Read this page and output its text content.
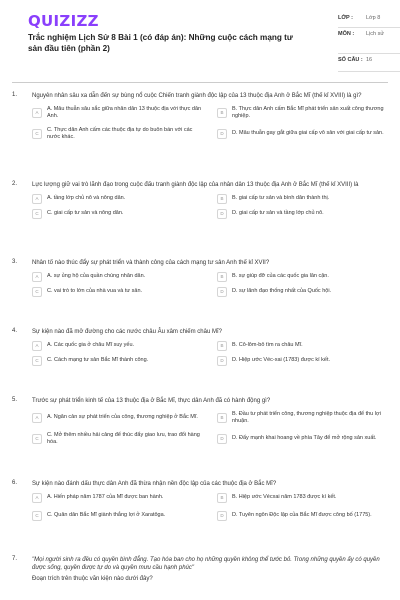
QUIZIZZ
Trắc nghiệm Lịch Sử 8 Bài 1 (có đáp án): Những cuộc cách mạng tư sản đầu tiên (phần 2)
LỚP :	Lớp 8
MÔN :	Lịch sử
SỐ CÂU : 16
1. Nguyên nhân sâu xa dẫn đến sự bùng nổ cuộc Chiến tranh giành độc lập của 13 thuộc địa Anh ở Bắc Mĩ (thế kỉ XVIII) là gì?
A
A. Mâu thuẫn sâu sắc giữa nhân dân 13 thuộc địa với thực dân Anh.
B
B. Thực dân Anh cấm Bắc Mĩ phát triển sản xuất công thương nghiệp.
C
C. Thực dân Anh cấm các thuộc địa tự do buôn bán với các nước khác.
D	D. Mâu thuẫn gay gắt giữa giai cấp vô sản với giai cấp tư sản.
2. Lực lượng giữ vai trò lãnh đạo trong cuộc đấu tranh giành độc lập của nhân dân 13 thuộc địa Anh ở Bắc Mĩ (thế kỉ XVIII) là
A	A. tầng lớp chủ nô và nông dân.	B	B. giai cấp tư sản và bình dân thành thị.
C	C. giai cấp tư sản và nông dân.	D	D. giai cấp tư sản và tầng lớp chủ nô.
3. Nhân tố nào thúc đẩy sự phát triển và thành công của cách mạng tư sản Anh thế kỉ XVII?
A	A. sự ủng hộ của quần chúng nhân dân.	B	B. sự giúp đỡ của các quốc gia lân cận.
C	C. vai trò to lớn của nhà vua và tư sản.	D	D. sự lãnh đạo thống nhất của Quốc hội.
4. Sự kiện nào đã mở đường cho các nước châu Âu xâm chiếm châu Mĩ?
A	A. Các quốc gia ở châu Mĩ suy yếu.	B	B. Cô-lôm-bô tìm ra châu Mĩ.
C	C. Cách mạng tư sản Bắc Mĩ thành công.	D	D. Hiệp ước Véc-xai (1783) được kí kết.
5. Trước sự phát triển kinh tế của 13 thuộc địa ở Bắc Mĩ, thực dân Anh đã có hành động gì?
A	A. Ngăn cản sự phát triển của công, thương nghiệp ở Bắc Mĩ.	B
B. Đầu tư phát triển công, thương nghiệp thuộc địa để thu lợi nhuận.
C
C. Mở thêm nhiều hải cảng để thúc đẩy giao lưu, trao đổi hàng hóa.
D	D. Đẩy mạnh khai hoang về phía Tây để mở rộng sản xuất.
6. Sự kiện nào đánh dấu thực dân Anh đã thừa nhận nền độc lập của các thuộc địa ở Bắc Mĩ?
A	A. Hiến pháp năm 1787 của Mĩ được ban hành.	B	B. Hiệp ước Vécxai năm 1783 được kí kết.
C	C. Quân dân Bắc Mĩ giành thắng lợi ở Xaratôga.	D	D. Tuyên ngôn Độc lập của Bắc Mĩ được công bố (1775).
7. "Mọi người sinh ra đều có quyền bình đẳng. Tạo hóa ban cho họ những quyền không thể tước bỏ. Trong những quyền ấy có quyền được sống, quyền được tự do và quyền mưu cầu hạnh phúc"
Đoạn trích trên thuộc văn kiện nào dưới đây?
